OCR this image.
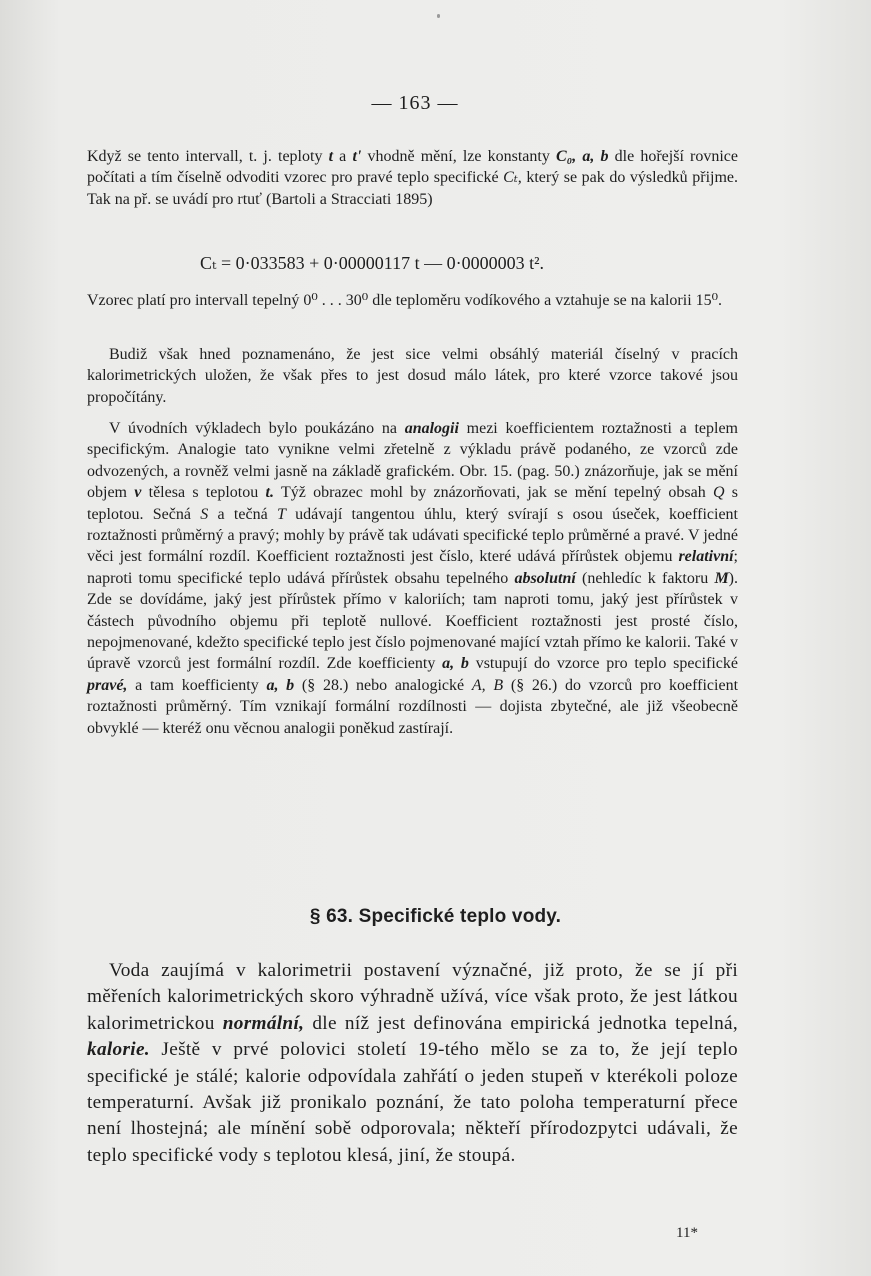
— 163 —

Když se tento intervall, t. j. teploty t a t' vhodně mění, lze konstanty C₀, a, b dle hořejší rovnice počítati a tím číselně odvoditi vzorec pro pravé teplo specifické Cₜ, který se pak do výsledků přijme. Tak na př. se uvádí pro rtuť (Bartoli a Stracciati 1895)

Cₜ = 0·033583 + 0·00000117 t — 0·0000003 t².

Vzorec platí pro intervall tepelný 0⁰ . . . 30⁰ dle teploměru vodíkového a vztahuje se na kalorii 15⁰.

Budiž však hned poznamenáno, že jest sice velmi obsáhlý materiál číselný v pracích kalorimetrických uložen, že však přes to jest dosud málo látek, pro které vzorce takové jsou propočítány.

V úvodních výkladech bylo poukázáno na analogii mezi koefficientem roztažnosti a teplem specifickým. Analogie tato vynikne velmi zřetelně z výkladu právě podaného, ze vzorců zde odvozených, a rovněž velmi jasně na základě grafickém. Obr. 15. (pag. 50.) znázorňuje, jak se mění objem v tělesa s teplotou t. Týž obrazec mohl by znázorňovati, jak se mění tepelný obsah Q s teplotou. Sečná S a tečná T udávají tangentou úhlu, který svírají s osou úseček, koefficient roztažnosti průměrný a pravý; mohly by právě tak udávati specifické teplo průměrné a pravé. V jedné věci jest formální rozdíl. Koefficient roztažnosti jest číslo, které udává přírůstek objemu relativní; naproti tomu specifické teplo udává přírůstek obsahu tepelného absolutní (nehledíc k faktoru M). Zde se dovídáme, jaký jest přírůstek přímo v kaloriích; tam naproti tomu, jaký jest přírůstek v částech původního objemu při teplotě nullové. Koefficient roztažnosti jest prosté číslo, nepojmenované, kdežto specifické teplo jest číslo pojmenované mající vztah přímo ke kalorii. Také v úpravě vzorců jest formální rozdíl. Zde koefficienty a, b vstupují do vzorce pro teplo specifické pravé, a tam koefficienty a, b (§ 28.) nebo analogické A, B (§ 26.) do vzorců pro koefficient roztažnosti průměrný. Tím vznikají formální rozdílnosti — dojista zbytečné, ale již všeobecně obvyklé — kteréž onu věcnou analogii poněkud zastírají.

§ 63. Specifické teplo vody.

Voda zaujímá v kalorimetrii postavení význačné, již proto, že se jí při měřeních kalorimetrických skoro výhradně užívá, více však proto, že jest látkou kalorimetrickou normální, dle níž jest definována empirická jednotka tepelná, kalorie. Ještě v prvé polovici století 19-tého mělo se za to, že její teplo specifické je stálé; kalorie odpovídala zahřátí o jeden stupeň v kterékoli poloze temperaturní. Avšak již pronikalo poznání, že tato poloha temperaturní přece není lhostejná; ale mínění sobě odporovala; někteří přírodozpytci udávali, že teplo specifické vody s teplotou klesá, jiní, že stoupá.

11*
